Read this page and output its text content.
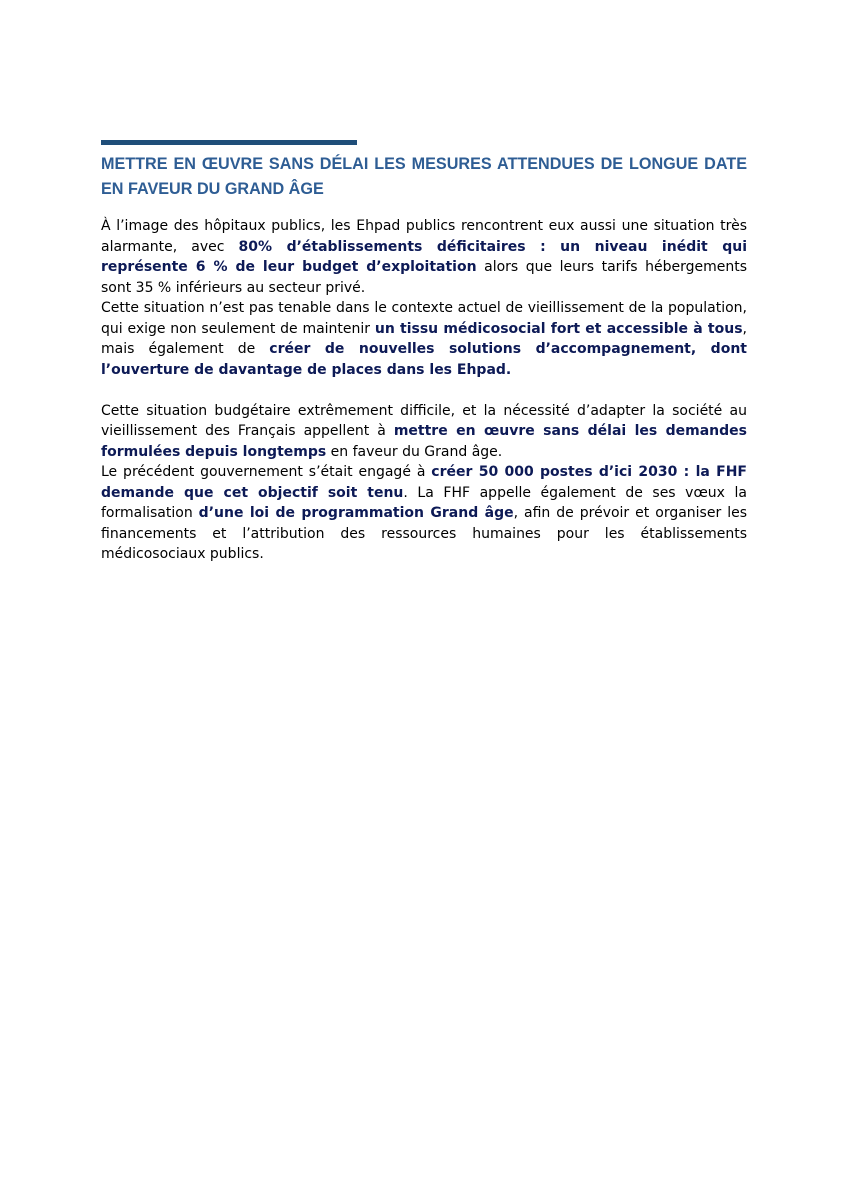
METTRE EN ŒUVRE SANS DÉLAI LES MESURES ATTENDUES DE LONGUE DATE EN FAVEUR DU GRAND ÂGE

À l’image des hôpitaux publics, les Ehpad publics rencontrent eux aussi une situation très alarmante, avec 80% d’établissements déficitaires : un niveau inédit qui représente 6 % de leur budget d’exploitation alors que leurs tarifs hébergements sont 35 % inférieurs au secteur privé.

Cette situation n’est pas tenable dans le contexte actuel de vieillissement de la population, qui exige non seulement de maintenir un tissu médicosocial fort et accessible à tous, mais également de créer de nouvelles solutions d’accompagnement, dont l’ouverture de davantage de places dans les Ehpad.

Cette situation budgétaire extrêmement difficile, et la nécessité d’adapter la société au vieillissement des Français appellent à mettre en œuvre sans délai les demandes formulées depuis longtemps en faveur du Grand âge.

Le précédent gouvernement s’était engagé à créer 50 000 postes d’ici 2030 : la FHF demande que cet objectif soit tenu. La FHF appelle également de ses vœux la formalisation d’une loi de programmation Grand âge, afin de prévoir et organiser les financements et l’attribution des ressources humaines pour les établissements médicosociaux publics.
